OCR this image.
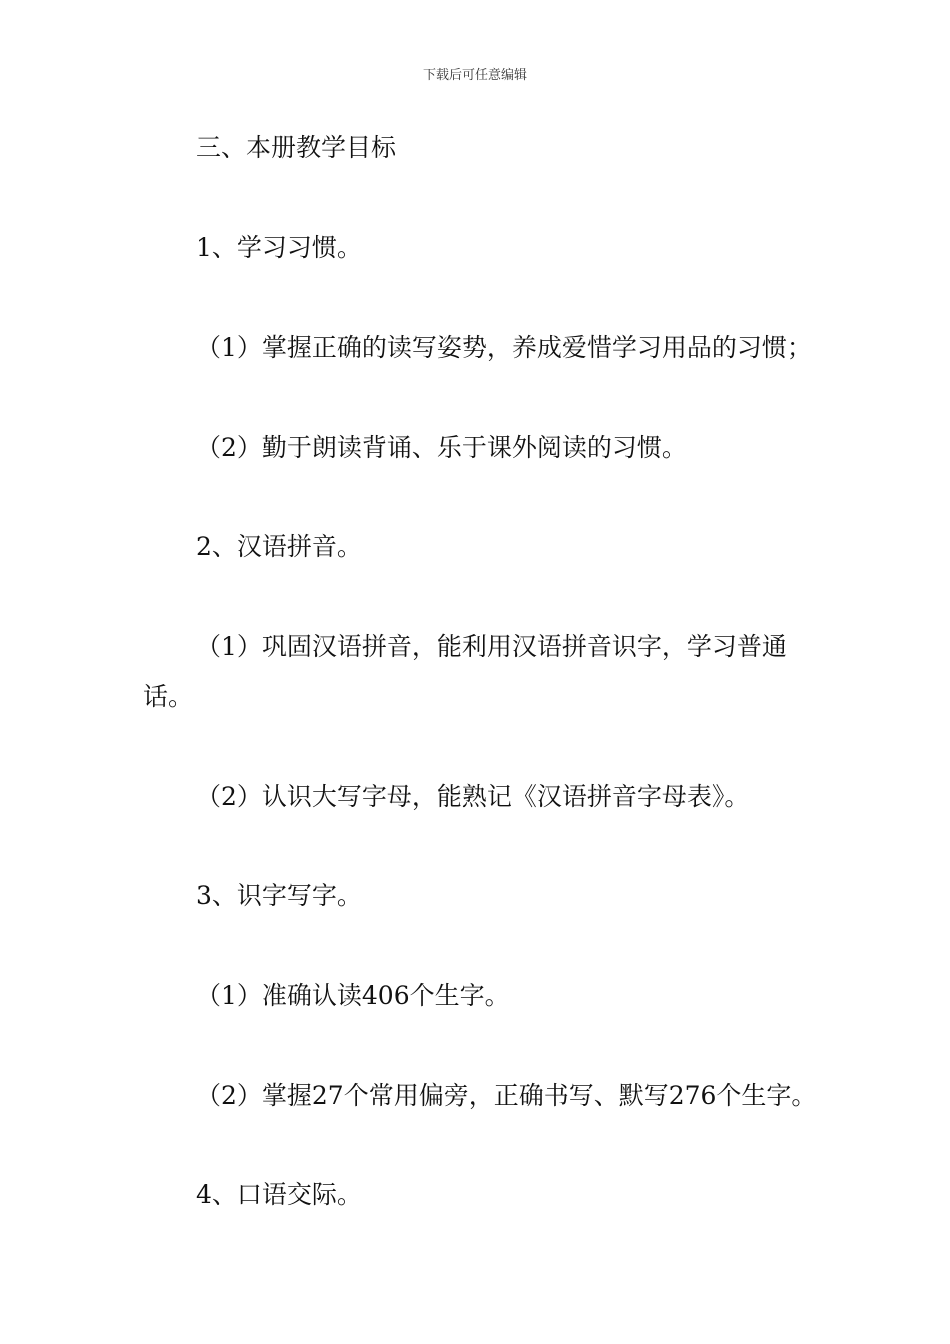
下载后可任意编辑
三、本册教学目标
1、学习习惯。
（1）掌握正确的读写姿势，养成爱惜学习用品的习惯；
（2）勤于朗读背诵、乐于课外阅读的习惯。
2、汉语拼音。
（1）巩固汉语拼音，能利用汉语拼音识字，学习普通
话。
（2）认识大写字母，能熟记《汉语拼音字母表》。
3、识字写字。
（1）准确认读406个生字。
（2）掌握27个常用偏旁，正确书写、默写276个生字。
4、口语交际。
